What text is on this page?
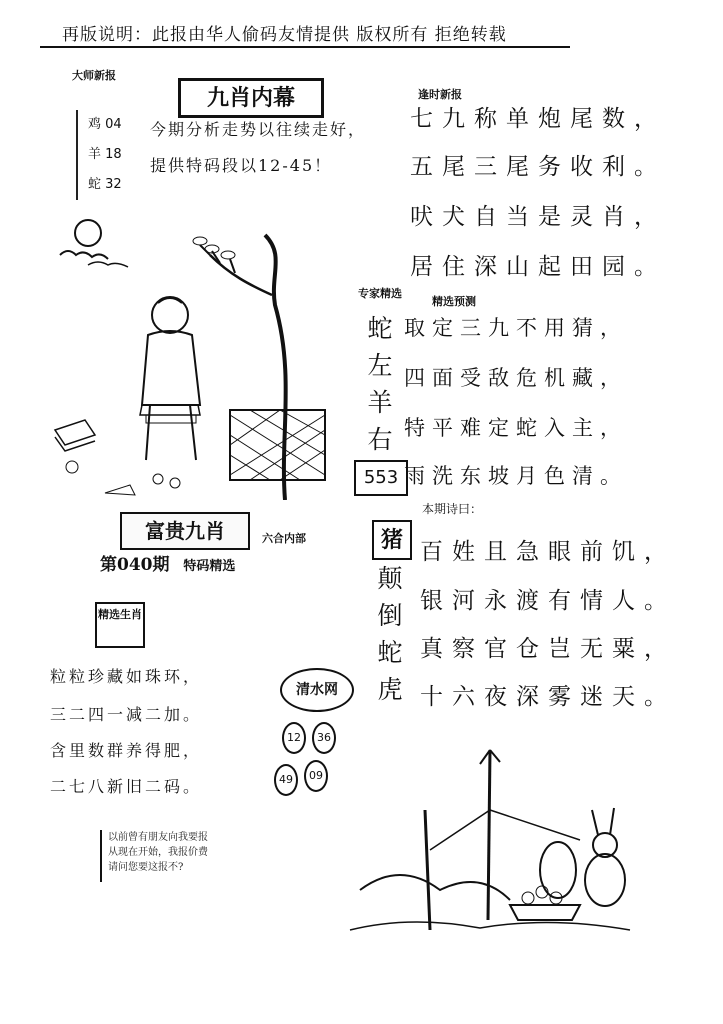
再版说明：此报由华人偷码友情提供 版权所有 拒绝转载
大师新报
鸡 04
羊 18
蛇 32
九肖内幕
今期分析走势以往续走好，提供特码段以12-45！
逢时新报
七九称单炮尾数，
五尾三尾务收利。
吠犬自当是灵肖，
居住深山起田园。
专家精选
精选预测
蛇
左
羊
右
553
取定三九不用猜，
四面受敌危机藏，
特平难定蛇入主，
雨洗东坡月色清。
本期诗曰：
猪
颠
倒
蛇
虎
百姓且急眼前饥，
银河永渡有情人。
真察官仓岂无粟，
十六夜深雾迷天。
富贵九肖	六合内部
第040期 特码精选
精选生肖
粒粒珍藏如珠环，
三二四一减二加。
含里数群养得肥，
二七八新旧二码。
清水网
12	36
49	09
以前曾有朋友向我要报
从现在开始，我报价费
请问您要这报不?
